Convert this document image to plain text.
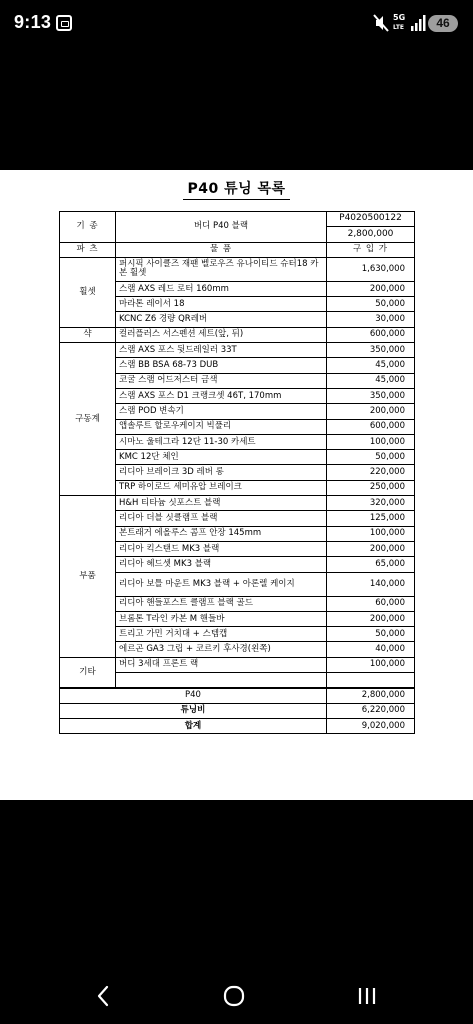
9:13	5G
LTE	46
P40 튜닝 목록
기 종	버디 P40 블랙	P4020500122
		2,800,000
파 츠	물 품	구 입 가
휠셋	퍼시픽 사이클즈 재팬 벨로우즈 유나이티드 슈터18 카본 휠셋	1,630,000
	스램 AXS 레드 로터 160mm	200,000
	마라톤 레이서 18	50,000
	KCNC Z6 경량 QR레버	30,000
샥	컬러플러스 서스펜션 세트(앞, 뒤)	600,000
구동계	스램 AXS 포스 뒷드레일러 33T	350,000
	스램 BB BSA 68-73 DUB	45,000
	코굴 스램 어드저스터 금색	45,000
	스램 AXS 포스 D1 크랭크셋 46T, 170mm	350,000
	스램 POD 변속기	200,000
	앱솔루트 할로우케이지 빅풀리	600,000
	시마노 울테그라 12단 11-30 카세트	100,000
	KMC 12단 체인	50,000
	리디아 브레이크 3D 레버 롱	220,000
	TRP 하이로드 세미유압 브레이크	250,000
부품	H&H 티타늄 싯포스트 블랙	320,000
	리디아 더블 싯클램프 블랙	125,000
	본트래거 에올루스 콤프 안장 145mm	100,000
	리디아 킥스탠드 MK3 블랙	200,000
	리디아 헤드셋 MK3 블랙	65,000
	리디아 보틀 마운트 MK3 블랙 + 아론렐 케이지	140,000
	리디아 핸들포스트 클램프 블랙 골드	60,000
	브롬톤 T라인 카본 M 핸들바	200,000
	트리고 가민 거치대 + 스템캡	50,000
	에르곤 GA3 그립 + 코르키 후사경(왼쪽)	40,000
기타	버디 3세대 프론트 랙	100,000

P40		2,800,000
튜닝비		6,220,000
합계		9,020,000
